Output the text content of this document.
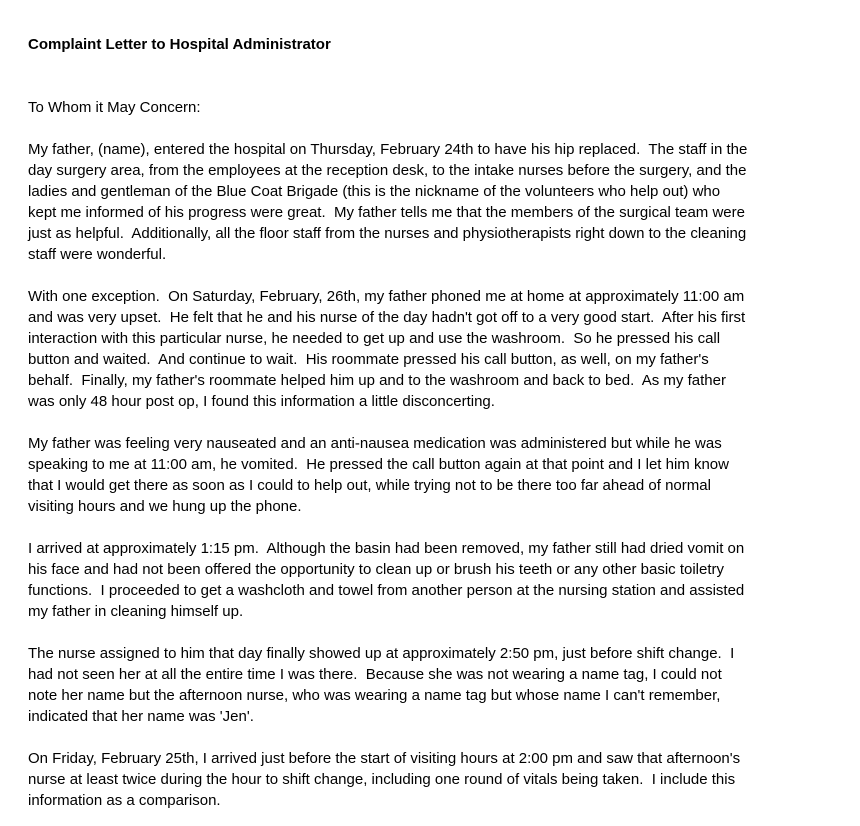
Complaint Letter to Hospital Administrator

To Whom it May Concern:

My father, (name), entered the hospital on Thursday, February 24th to have his hip replaced.  The staff in the
day surgery area, from the employees at the reception desk, to the intake nurses before the surgery, and the
ladies and gentleman of the Blue Coat Brigade (this is the nickname of the volunteers who help out) who
kept me informed of his progress were great.  My father tells me that the members of the surgical team were
just as helpful.  Additionally, all the floor staff from the nurses and physiotherapists right down to the cleaning
staff were wonderful.

With one exception.  On Saturday, February, 26th, my father phoned me at home at approximately 11:00 am
and was very upset.  He felt that he and his nurse of the day hadn't got off to a very good start.  After his first
interaction with this particular nurse, he needed to get up and use the washroom.  So he pressed his call
button and waited.  And continue to wait.  His roommate pressed his call button, as well, on my father's
behalf.  Finally, my father's roommate helped him up and to the washroom and back to bed.  As my father
was only 48 hour post op, I found this information a little disconcerting.

My father was feeling very nauseated and an anti-nausea medication was administered but while he was
speaking to me at 11:00 am, he vomited.  He pressed the call button again at that point and I let him know
that I would get there as soon as I could to help out, while trying not to be there too far ahead of normal
visiting hours and we hung up the phone.

I arrived at approximately 1:15 pm.  Although the basin had been removed, my father still had dried vomit on
his face and had not been offered the opportunity to clean up or brush his teeth or any other basic toiletry
functions.  I proceeded to get a washcloth and towel from another person at the nursing station and assisted
my father in cleaning himself up.

The nurse assigned to him that day finally showed up at approximately 2:50 pm, just before shift change.  I
had not seen her at all the entire time I was there.  Because she was not wearing a name tag, I could not
note her name but the afternoon nurse, who was wearing a name tag but whose name I can't remember,
indicated that her name was 'Jen'.

On Friday, February 25th, I arrived just before the start of visiting hours at 2:00 pm and saw that afternoon's
nurse at least twice during the hour to shift change, including one round of vitals being taken.  I include this
information as a comparison.
